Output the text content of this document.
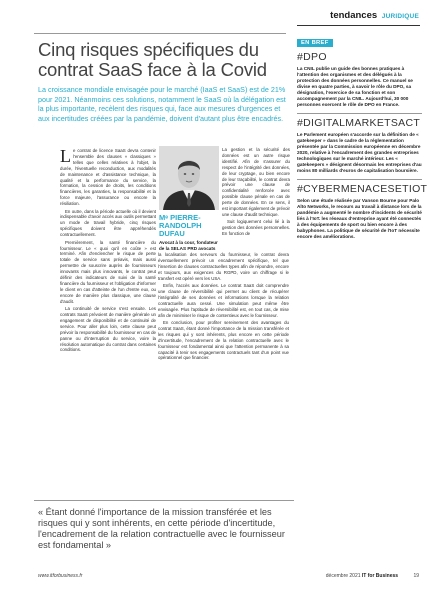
tendances JURIDIQUE
Cinq risques spécifiques du contrat SaaS face à la Covid
La croissance mondiale envisagée pour le marché (IaaS et SaaS) est de 21% pour 2021. Néanmoins ces solutions, notamment le SaaS où la délégation est la plus importante, recèlent des risques qui, face aux mesures d'urgences et aux incertitudes créées par la pandémie, doivent d'autant plus être encadrés.

Le contrat de licence SaaS devra contenir l'ensemble des clauses « classiques » telles que celles relatives à l'objet, la durée, l'éventuelle reconduction, aux modalités de maintenance et d'assistance technique, la qualité et la performance du service, la formation, la cession de droits, les conditions financières, les garanties, la responsabilité et la force majeure, l'assurance ou encore la résiliation.

En outre, dans la période actuelle où il devient indispensable d'avoir accès aux outils permettant un mode de travail hybride, cinq risques spécifiques doivent être appréhendés contractuellement.

Premièrement, la santé financière du fournisseur. Le « quoi qu'il en coûte » est terminé. Afin d'enclencher le risque de perte totale de service sans préavis, mais aussi permettre de souscrire auprès de fournisseurs innovants mais plus innovants, le contrat peut définir des indicateurs de suivi de la santé financière du fournisseur et l'obligation d'informer le client en cas d'atteinte de l'un d'entre eux, ou encore de manière plus classique, une clause d'audit.

La continuité de service s'est ensuite. Les contrats SaaS prévoient de manière générale un engagement de disponibilité et de continuité de service. Pour aller plus loin, cette clause peut prévoir la responsabilité du fournisseur en cas de panne ou d'interruption du service, voire la résolution automatique du contrat dans certaines conditions.

La gestion et la sécurité des données est un autre risque identifié. Afin de s'assurer du respect de l'intégrité des données, de leur cryptage, ou bien encore de leur traçabilité, le contrat devra prévoir une clause de confidentialité renforcée avec possible clause pénale en cas de perte de données. En ce sens, il est important également de prévoir une clause d'audit technique.

Suit logiquement celui lié à la gestion des données personnelles. En fonction de

Mᵉ PIERRE-RANDOLPH DUFAU
Avocat à la cour, fondateur de la SELAS PRD avocats

la localisation des serveurs du fournisseur, le contrat devra éventuellement prévoir un encadrement spécifique, tel que l'insertion de clauses contractuelles types afin de répondre, encore et toujours, aux exigences du RGPD, voire un chiffrage si le transfert est opéré vers les USA.

Enfin, l'accès aux données. Le contrat SaaS doit comprendre une clause de réversibilité qui permet au client de récupérer l'intégralité de ses données et informations lorsque la relation contractuelle aura cessé. Une simulation peut même être envisagée. Plus l'aptitude de réversibilité est, en tout cas, de mise afin de minimiser le risque de contentieux avec le fournisseur.

En conclusion, pour profiter sereinement des avantages du contrat SaaS, étant donné l'importance de la mission transférée et les risques qui y sont inhérents, plus encore en cette période d'incertitude, l'encadrement de la relation contractuelle avec le fournisseur est fondamental ainsi que l'attention permanente à sa capacité à tenir ses engagements contractuels tant d'un point vue opérationnel que financier.

« Étant donné l'importance de la mission transférée et les risques qui y sont inhérents, en cette période d'incertitude, l'encadrement de la relation contractuelle avec le fournisseur est fondamental »
EN BREF
#DPO

La CNIL publie un guide des bonnes pratiques à l'attention des organismes et des délégués à la protection des données personnelles. Ce manuel se divise en quatre parties, à savoir le rôle du DPO, sa désignation, l'exercice de sa fonction et son accompagnement par la CNIL. Aujourd'hui, 30 000 personnes exercent le rôle de DPO en France.

#DIGITALMARKETSACT

Le Parlement européen s'accorde sur la définition de « gatekeeper » dans le cadre de la réglementation présentée par la Commission européenne en décembre 2020, relative à l'encadrement des grandes entreprises technologiques sur le marché intérieur. Les « gatekeepers » désignent désormais les entreprises d'au moins 80 milliards d'euros de capitalisation boursière.

#CYBERMENACESETIOT

Selon une étude réalisée par Vanson Bourne pour Palo Alto Networks, le recours au travail à distance lors de la pandémie a augmenté le nombre d'incidents de sécurité liés à l'IoT. les réseaux d'entreprise ayant été connectés à des équipements de sport ou bien encore à des babyphones. La politique de sécurité de l'IoT nécessite encore des améliorations.

www.itforbusiness.fr	décembre 2021 IT for Business	19
